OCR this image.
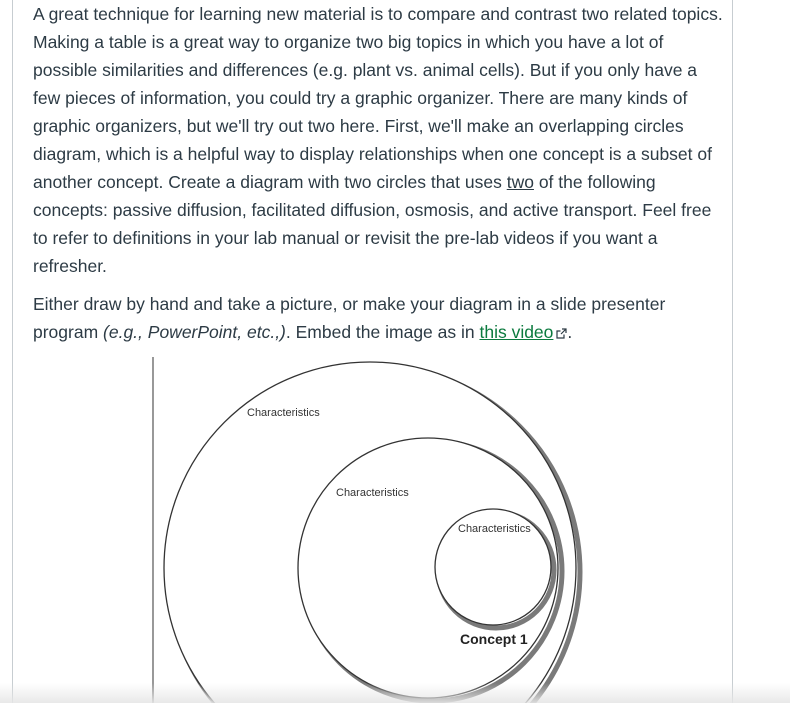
A great technique for learning new material is to compare and contrast two related topics. Making a table is a great way to organize two big topics in which you have a lot of possible similarities and differences (e.g. plant vs. animal cells). But if you only have a few pieces of information, you could try a graphic organizer. There are many kinds of graphic organizers, but we'll try out two here. First, we'll make an overlapping circles diagram, which is a helpful way to display relationships when one concept is a subset of another concept. Create a diagram with two circles that uses two of the following concepts: passive diffusion, facilitated diffusion, osmosis, and active transport. Feel free to refer to definitions in your lab manual or revisit the pre-lab videos if you want a refresher.

Either draw by hand and take a picture, or make your diagram in a slide presenter program (e.g., PowerPoint, etc.,). Embed the image as in this video .

Characteristics
Characteristics
Characteristics
Concept 1
